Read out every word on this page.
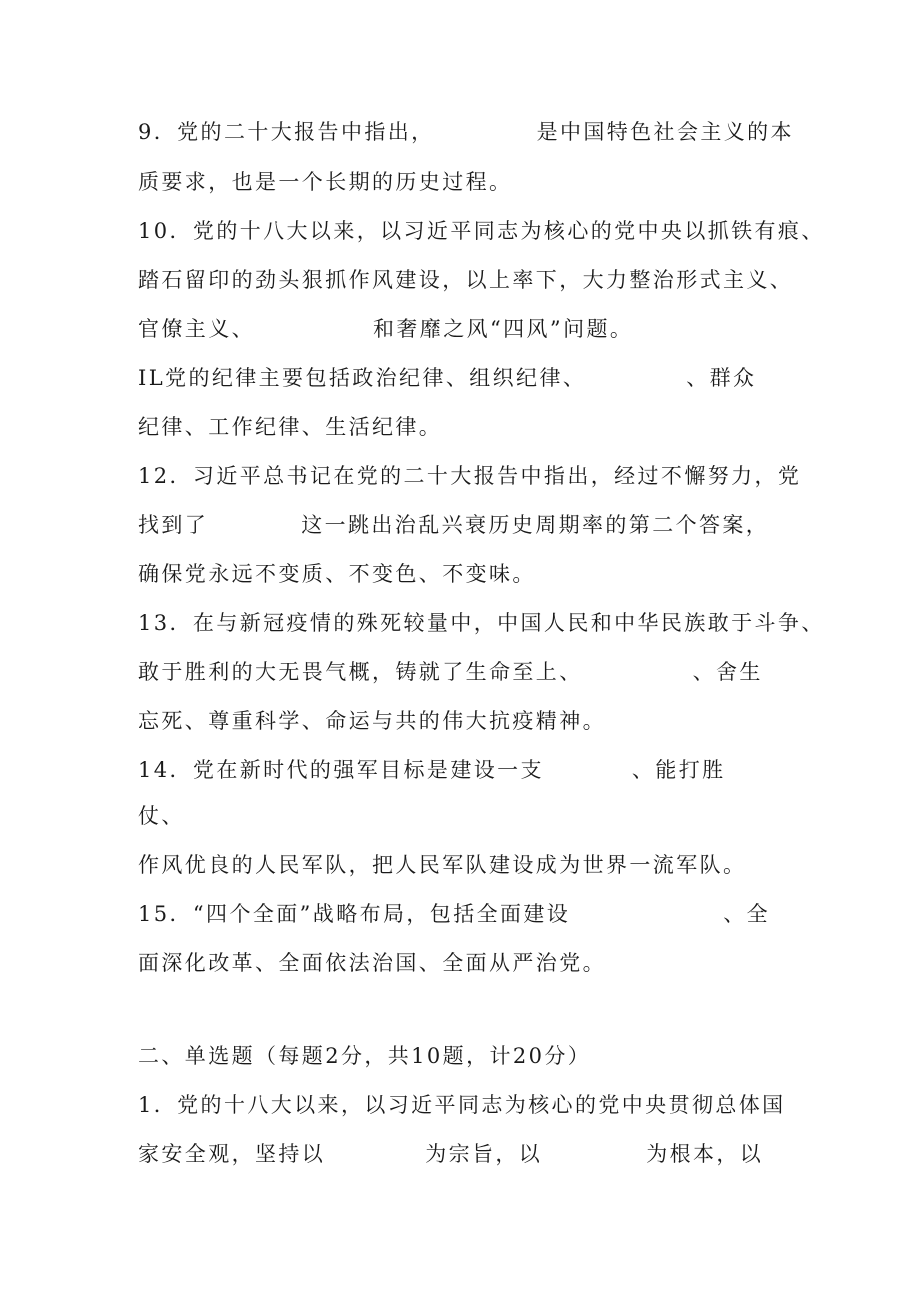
9．党的二十大报告中指出，	是中国特色社会主义的本
质要求，也是一个长期的历史过程。
10．党的十八大以来，以习近平同志为核心的党中央以抓铁有痕、
踏石留印的劲头狠抓作风建设，以上率下，大力整治形式主义、
官僚主义、	和奢靡之风“四风”问题。
IL党的纪律主要包括政治纪律、组织纪律、	、群众
纪律、工作纪律、生活纪律。
12．习近平总书记在党的二十大报告中指出，经过不懈努力，党
找到了	这一跳出治乱兴衰历史周期率的第二个答案，
确保党永远不变质、不变色、不变味。
13．在与新冠疫情的殊死较量中，中国人民和中华民族敢于斗争、
敢于胜利的大无畏气概，铸就了生命至上、	、舍生
忘死、尊重科学、命运与共的伟大抗疫精神。
14．党在新时代的强军目标是建设一支	、能打胜
仗、
作风优良的人民军队，把人民军队建设成为世界一流军队。
15．“四个全面”战略布局，包括全面建设	、全
面深化改革、全面依法治国、全面从严治党。
二、单选题（每题2分，共10题，计20分）
1．党的十八大以来，以习近平同志为核心的党中央贯彻总体国
家安全观，坚持以	为宗旨，以	为根本，以
